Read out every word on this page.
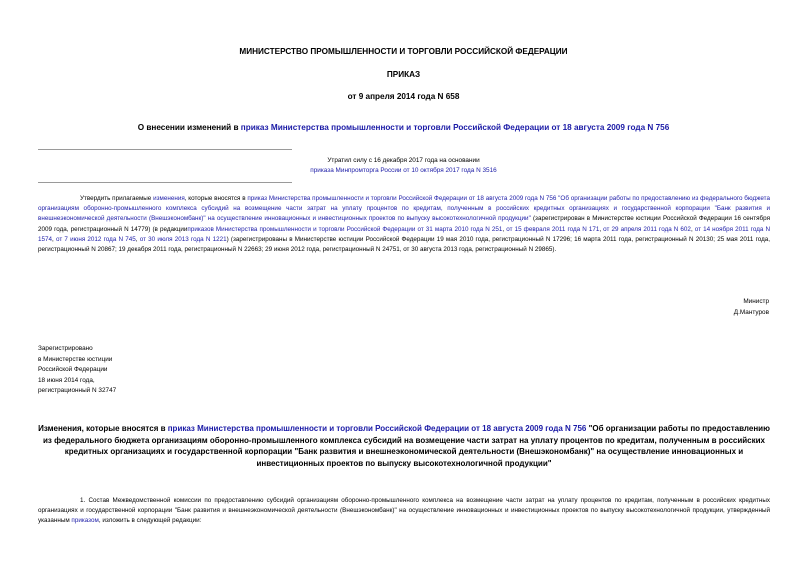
МИНИСТЕРСТВО ПРОМЫШЛЕННОСТИ И ТОРГОВЛИ РОССИЙСКОЙ ФЕДЕРАЦИИ
ПРИКАЗ
от 9 апреля 2014 года N 658
О внесении изменений в приказ Министерства промышленности и торговли Российской Федерации от 18 августа 2009 года N 756
Утратил силу с 16 декабря 2017 года на основании
приказа Минпромторга России от 10 октября 2017 года N 3516
Утвердить прилагаемые изменения, которые вносятся в приказ Министерства промышленности и торговли Российской Федерации от 18 августа 2009 года N 756 "Об организации работы по предоставлению из федерального бюджета организациям оборонно-промышленного комплекса субсидий на возмещение части затрат на уплату процентов по кредитам, полученным в российских кредитных организациях и государственной корпорации "Банк развития и внешнеэкономической деятельности (Внешэкономбанк)" на осуществление инновационных и инвестиционных проектов по выпуску высокотехнологичной продукции" (зарегистрирован в Министерстве юстиции Российской Федерации 16 сентября 2009 года, регистрационный N 14779) (в редакцииприказов Министерства промышленности и торговли Российской Федерации от 31 марта 2010 года N 251, от 15 февраля 2011 года N 171, от 29 апреля 2011 года N 602, от 14 ноября 2011 года N 1574, от 7 июня 2012 года N 745, от 30 июля 2013 года N 1221) (зарегистрированы в Министерстве юстиции Российской Федерации 19 мая 2010 года, регистрационный N 17296; 16 марта 2011 года, регистрационный N 20130; 25 мая 2011 года, регистрационный N 20867; 19 декабря 2011 года, регистрационный N 22663; 29 июня 2012 года, регистрационный N 24751, от 30 августа 2013 года, регистрационный N 29865).
Министр
Д.Мантуров
Зарегистрировано
в Министерстве юстиции
Российской Федерации
18 июня 2014 года,
регистрационный N 32747
Изменения, которые вносятся в приказ Министерства промышленности и торговли Российской Федерации от 18 августа 2009 года N 756 "Об организации работы по предоставлению из федерального бюджета организациям оборонно-промышленного комплекса субсидий на возмещение части затрат на уплату процентов по кредитам, полученным в российских кредитных организациях и государственной корпорации "Банк развития и внешнеэкономической деятельности (Внешэкономбанк)" на осуществление инновационных и инвестиционных проектов по выпуску высокотехнологичной продукции"
1. Состав Межведомственной комиссии по предоставлению субсидий организациям оборонно-промышленного комплекса на возмещение части затрат на уплату процентов по кредитам, полученным в российских кредитных организациях и государственной корпорации "Банк развития и внешнеэкономической деятельности (Внешэкономбанк)" на осуществление инновационных и инвестиционных проектов по выпуску высокотехнологичной продукции, утвержденный указанным приказом, изложить в следующей редакции:
